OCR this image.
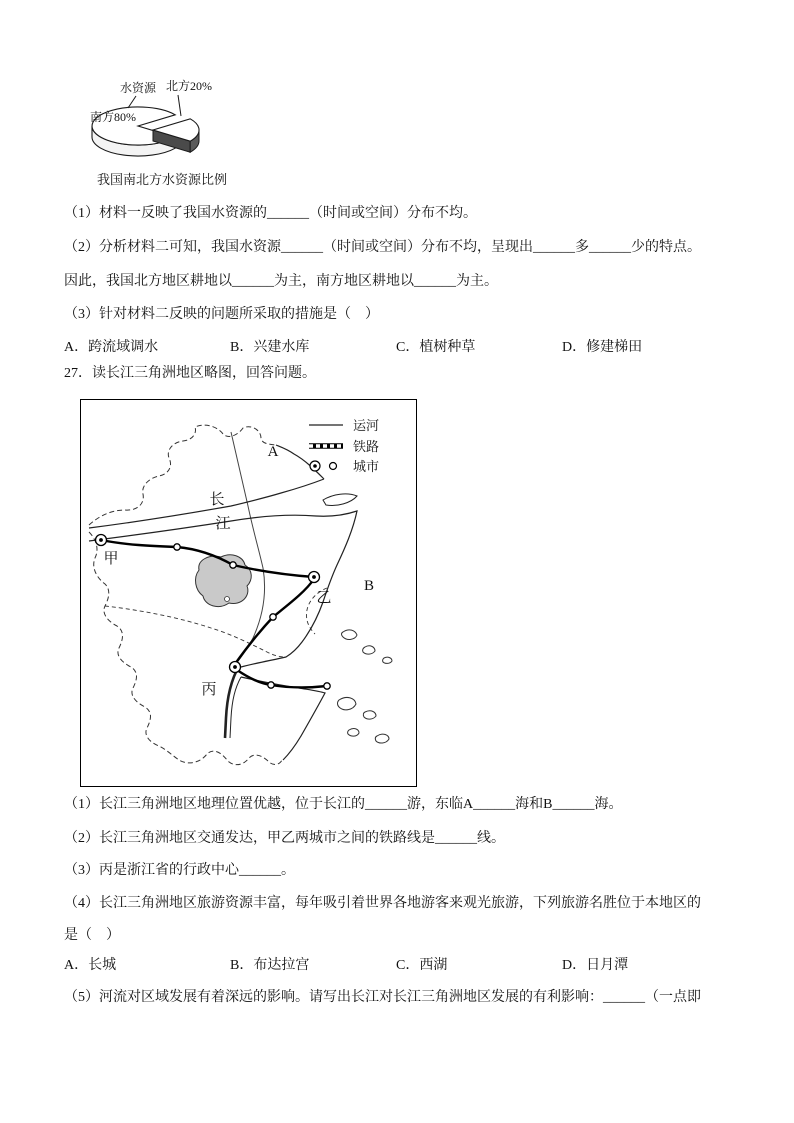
水资源 北方20%
南方80%
我国南北方水资源比例
（1）材料一反映了我国水资源的______（时间或空间）分布不均。
（2）分析材料二可知，我国水资源______（时间或空间）分布不均，呈现出______多______少的特点。
因此，我国北方地区耕地以______为主，南方地区耕地以______为主。
（3）针对材料二反映的问题所采取的措施是（　）
A．跨流域调水	B．兴建水库	C．植树种草	D．修建梯田
27．读长江三角洲地区略图，回答问题。
长
江
A
B
甲
乙
丙
运河
铁路
城市
（1）长江三角洲地区地理位置优越，位于长江的______游，东临A______海和B______海。
（2）长江三角洲地区交通发达，甲乙两城市之间的铁路线是______线。
（3）丙是浙江省的行政中心______。
（4）长江三角洲地区旅游资源丰富，每年吸引着世界各地游客来观光旅游，下列旅游名胜位于本地区的
是（　）
A．长城	B．布达拉宫	C．西湖	D．日月潭
（5）河流对区域发展有着深远的影响。请写出长江对长江三角洲地区发展的有利影响：______（一点即
